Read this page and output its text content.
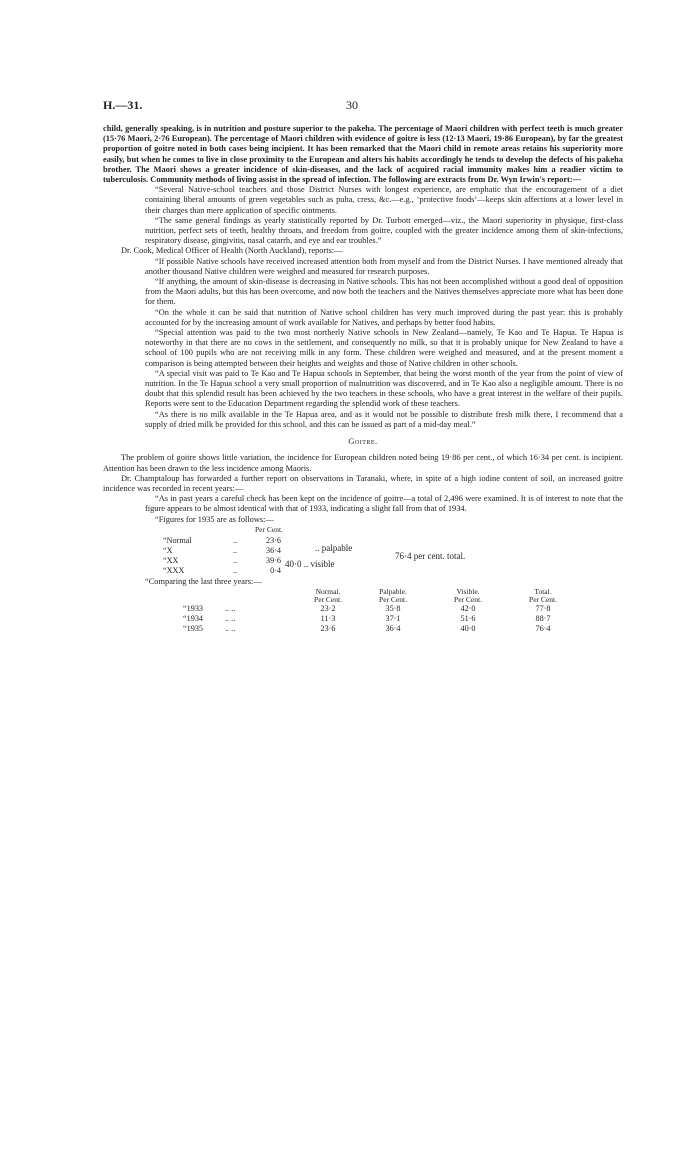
H.—31.	30

child, generally speaking, is in nutrition and posture superior to the pakeha. The percentage of Maori children with perfect teeth is much greater (15·76 Maori, 2·76 European). The percentage of Maori children with evidence of goitre is less (12·13 Maori, 19·86 European), by far the greatest proportion of goitre noted in both cases being incipient. It has been remarked that the Maori child in remote areas retains his superiority more easily, but when he comes to live in close proximity to the European and alters his habits accordingly he tends to develop the defects of his pakeha brother. The Maori shows a greater incidence of skin-diseases, and the lack of acquired racial immunity makes him a readier victim to tuberculosis. Community methods of living assist in the spread of infection. The following are extracts from Dr. Wyn Irwin's report:—

“Several Native-school teachers and those District Nurses with longest experience, are emphatic that the encouragement of a diet containing liberal amounts of green vegetables such as puha, cress, &c.—e.g., ‘protective foods’—keeps skin affections at a lower level in their charges than mere application of specific ointments.

“The same general findings as yearly statistically reported by Dr. Turbott emerged—viz., the Maori superiority in physique, first-class nutrition, perfect sets of teeth, healthy throats, and freedom from goitre, coupled with the greater incidence among them of skin-infections, respiratory disease, gingivitis, nasal catarrh, and eye and ear troubles.”

Dr. Cook, Medical Officer of Health (North Auckland), reports:—

“If possible Native schools have received increased attention both from myself and from the District Nurses. I have mentioned already that another thousand Native children were weighed and measured for research purposes.

“If anything, the amount of skin-disease is decreasing in Native schools. This has not been accomplished without a good deal of opposition from the Maori adults, but this has been overcome, and now both the teachers and the Natives themselves appreciate more what has been done for them.

“On the whole it can be said that nutrition of Native school children has very much improved during the past year: this is probably accounted for by the increasing amount of work available for Natives, and perhaps by better food habits.

“Special attention was paid to the two most northerly Native schools in New Zealand—namely, Te Kao and Te Hapua. Te Hapua is noteworthy in that there are no cows in the settlement, and consequently no milk, so that it is probably unique for New Zealand to have a school of 100 pupils who are not receiving milk in any form. These children were weighed and measured, and at the present moment a comparison is being attempted between their heights and weights and those of Native children in other schools.

“A special visit was paid to Te Kao and Te Hapua schools in September, that being the worst month of the year from the point of view of nutrition. In the Te Hapua school a very small proportion of malnutrition was discovered, and in Te Kao also a negligible amount. There is no doubt that this splendid result has been achieved by the two teachers in these schools, who have a great interest in the welfare of their pupils. Reports were sent to the Education Department regarding the splendid work of these teachers.

“As there is no milk available in the Te Hapua area, and as it would not be possible to distribute fresh milk there, I recommend that a supply of dried milk be provided for this school, and this can be issued as part of a mid-day meal.”

Goitre.

The problem of goitre shows little variation, the incidence for European children noted being 19·86 per cent., of which 16·34 per cent. is incipient. Attention has been drawn to the less incidence among Maoris.

Dr. Champtaloup has forwarded a further report on observations in Taranaki, where, in spite of a high iodine content of soil, an increased goitre incidence was recorded in recent years:—

“As in past years a careful check has been kept on the incidence of goitre—a total of 2,496 were examined. It is of interest to note that the figure appears to be almost identical with that of 1933, indicating a slight fall from that of 1934.

“Figures for 1935 are as follows:—

Per Cent.
“Normal	..	23·6
“X	..	36·4
“XX	..	39·6
“XXX	..	0·4
.. palpable
40·0 .. visible
76·4 per cent. total.

“Comparing the last three years:—

Normal.	Palpable.	Visible.	Total.
Per Cent.	Per Cent.	Per Cent.	Per Cent.
“1933	.. ..	23·2	35·8	42·0	77·8
“1934	.. ..	11·3	37·1	51·6	88·7
“1935	.. ..	23·6	36·4	40·0	76·4
